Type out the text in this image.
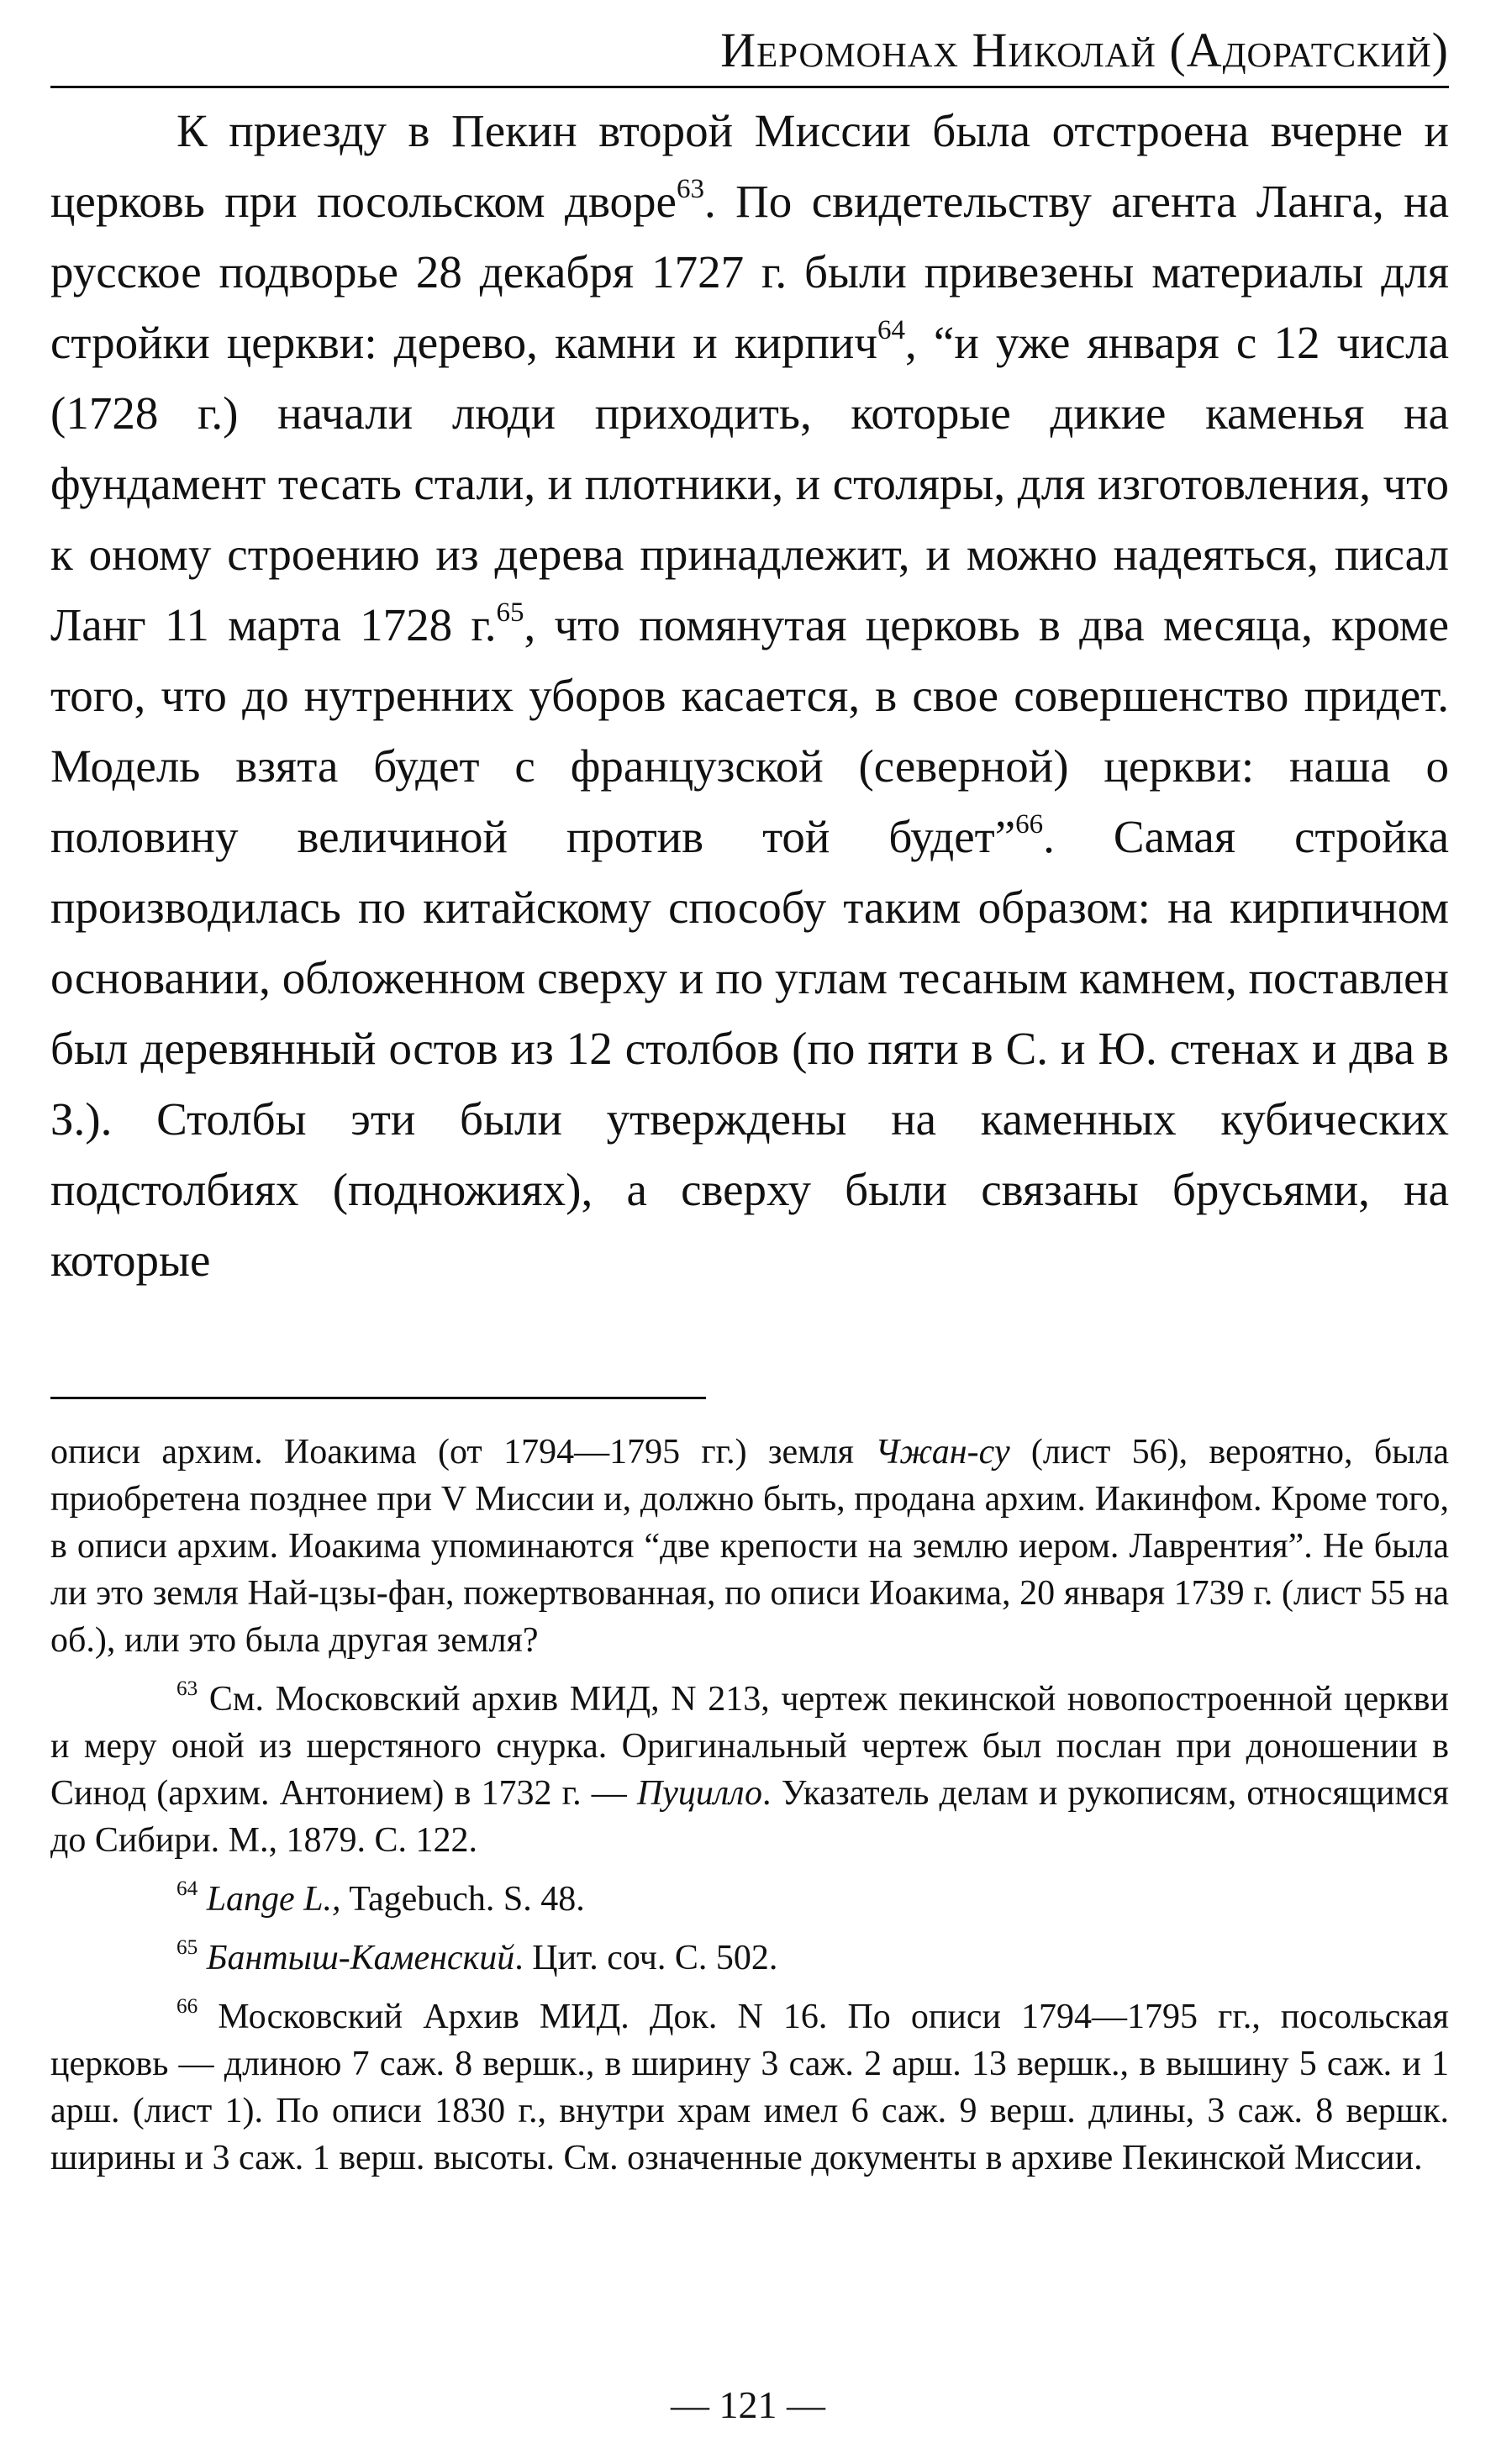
Иеромонах Николай (Адоратский)

К приезду в Пекин второй Миссии была отстроена вчерне и церковь при посольском дворе$^{63}$. По свидетельству агента Ланга, на русское подворье 28 декабря 1727 г. были привезены материалы для стройки церкви: дерево, камни и кирпич$^{64}$, “и уже января с 12 числа (1728 г.) начали люди приходить, которые дикие каменья на фундамент тесать стали, и плотники, и столяры, для изготовления, что к оному строению из дерева принадлежит, и можно надеяться, писал Ланг 11 марта 1728 г.$^{65}$, что помянутая церковь в два месяца, кроме того, что до нутренних уборов касается, в свое совершенство придет. Модель взята будет с французской (северной) церкви: наша о половину величиной против той будет”$^{66}$. Самая стройка производилась по китайскому способу таким образом: на кирпичном основании, обложенном сверху и по углам тесаным камнем, поставлен был деревянный остов из 12 столбов (по пяти в С. и Ю. стенах и два в З.). Столбы эти были утверждены на каменных кубических подстолбиях (подножиях), а сверху были связаны брусьями, на которые

описи архим. Иоакима (от 1794—1795 гг.) земля Чжан-су (лист 56), вероятно, была приобретена позднее при V Миссии и, должно быть, продана архим. Иакинфом. Кроме того, в описи архим. Иоакима упоминаются “две крепости на землю иером. Лаврентия”. Не была ли это земля Най-цзы-фан, пожертвованная, по описи Иоакима, 20 января 1739 г. (лист 55 на об.), или это была другая земля?

$^{63}$ См. Московский архив МИД, N 213, чертеж пекинской новопостроенной церкви и меру оной из шерстяного снурка. Оригинальный чертеж был послан при доношении в Синод (архим. Антонием) в 1732 г. — Пуцилло. Указатель делам и рукописям, относящимся до Сибири. М., 1879. С. 122.

$^{64}$ Lange L., Tagebuch. S. 48.

$^{65}$ Бантыш-Каменский. Цит. соч. С. 502.

$^{66}$ Московский Архив МИД. Док. N 16. По описи 1794—1795 гг., посольская церковь — длиною 7 саж. 8 вершк., в ширину 3 саж. 2 арш. 13 вершк., в вышину 5 саж. и 1 арш. (лист 1). По описи 1830 г., внутри храм имел 6 саж. 9 верш. длины, 3 саж. 8 вершк. ширины и 3 саж. 1 верш. высоты. См. означенные документы в архиве Пекинской Миссии.

— 121 —
